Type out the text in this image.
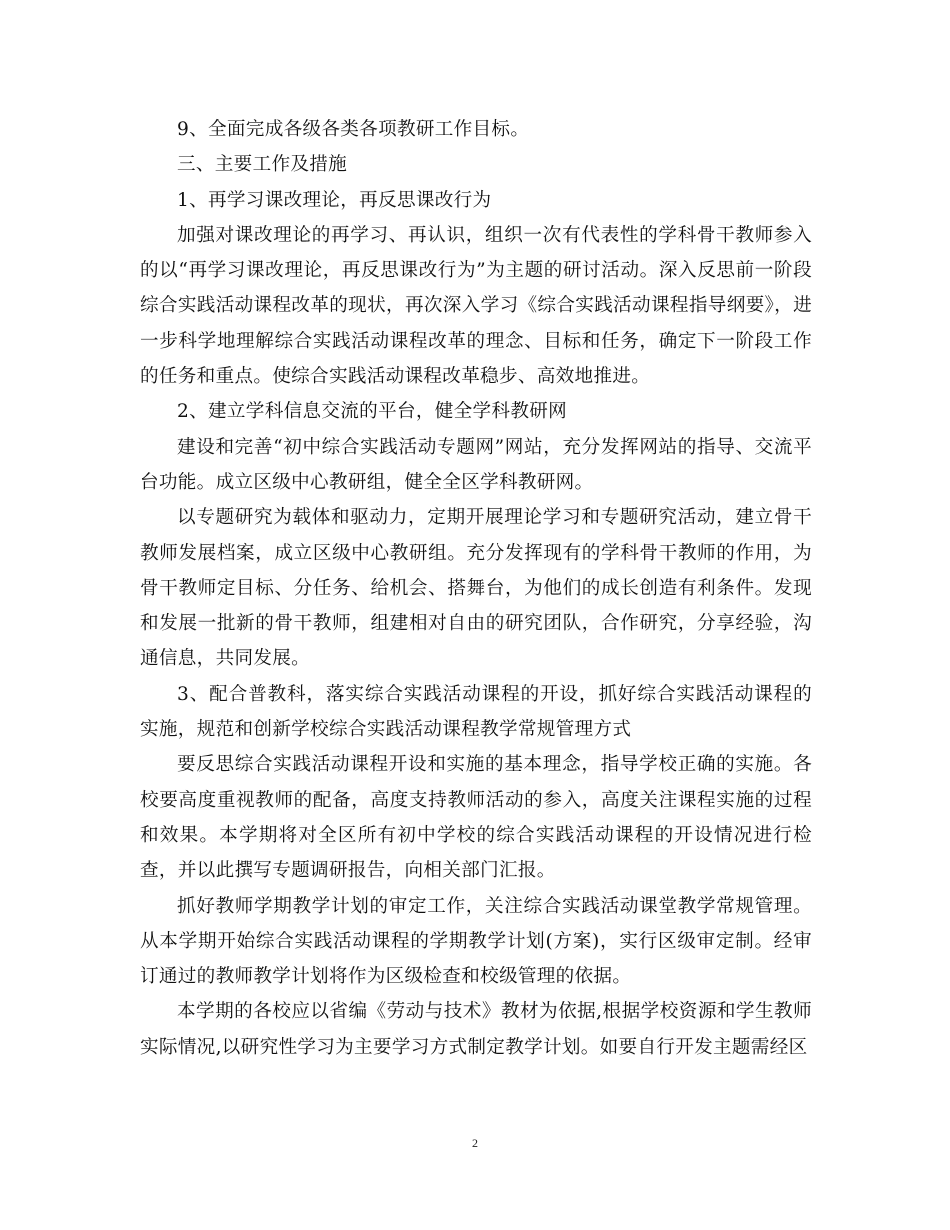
9、全面完成各级各类各项教研工作目标。

三、主要工作及措施

1、再学习课改理论，再反思课改行为

加强对课改理论的再学习、再认识，组织一次有代表性的学科骨干教师参入的以“再学习课改理论，再反思课改行为”为主题的研讨活动。深入反思前一阶段综合实践活动课程改革的现状，再次深入学习《综合实践活动课程指导纲要》，进一步科学地理解综合实践活动课程改革的理念、目标和任务，确定下一阶段工作的任务和重点。使综合实践活动课程改革稳步、高效地推进。

2、建立学科信息交流的平台，健全学科教研网

建设和完善“初中综合实践活动专题网”网站，充分发挥网站的指导、交流平台功能。成立区级中心教研组，健全全区学科教研网。

以专题研究为载体和驱动力，定期开展理论学习和专题研究活动，建立骨干教师发展档案，成立区级中心教研组。充分发挥现有的学科骨干教师的作用，为骨干教师定目标、分任务、给机会、搭舞台，为他们的成长创造有利条件。发现和发展一批新的骨干教师，组建相对自由的研究团队，合作研究，分享经验，沟通信息，共同发展。

3、配合普教科，落实综合实践活动课程的开设，抓好综合实践活动课程的实施，规范和创新学校综合实践活动课程教学常规管理方式

要反思综合实践活动课程开设和实施的基本理念，指导学校正确的实施。各校要高度重视教师的配备，高度支持教师活动的参入，高度关注课程实施的过程和效果。本学期将对全区所有初中学校的综合实践活动课程的开设情况进行检查，并以此撰写专题调研报告，向相关部门汇报。

抓好教师学期教学计划的审定工作，关注综合实践活动课堂教学常规管理。从本学期开始综合实践活动课程的学期教学计划(方案)，实行区级审定制。经审订通过的教师教学计划将作为区级检查和校级管理的依据。

本学期的各校应以省编《劳动与技术》教材为依据,根据学校资源和学生教师实际情况,以研究性学习为主要学习方式制定教学计划。如要自行开发主题需经区

2
